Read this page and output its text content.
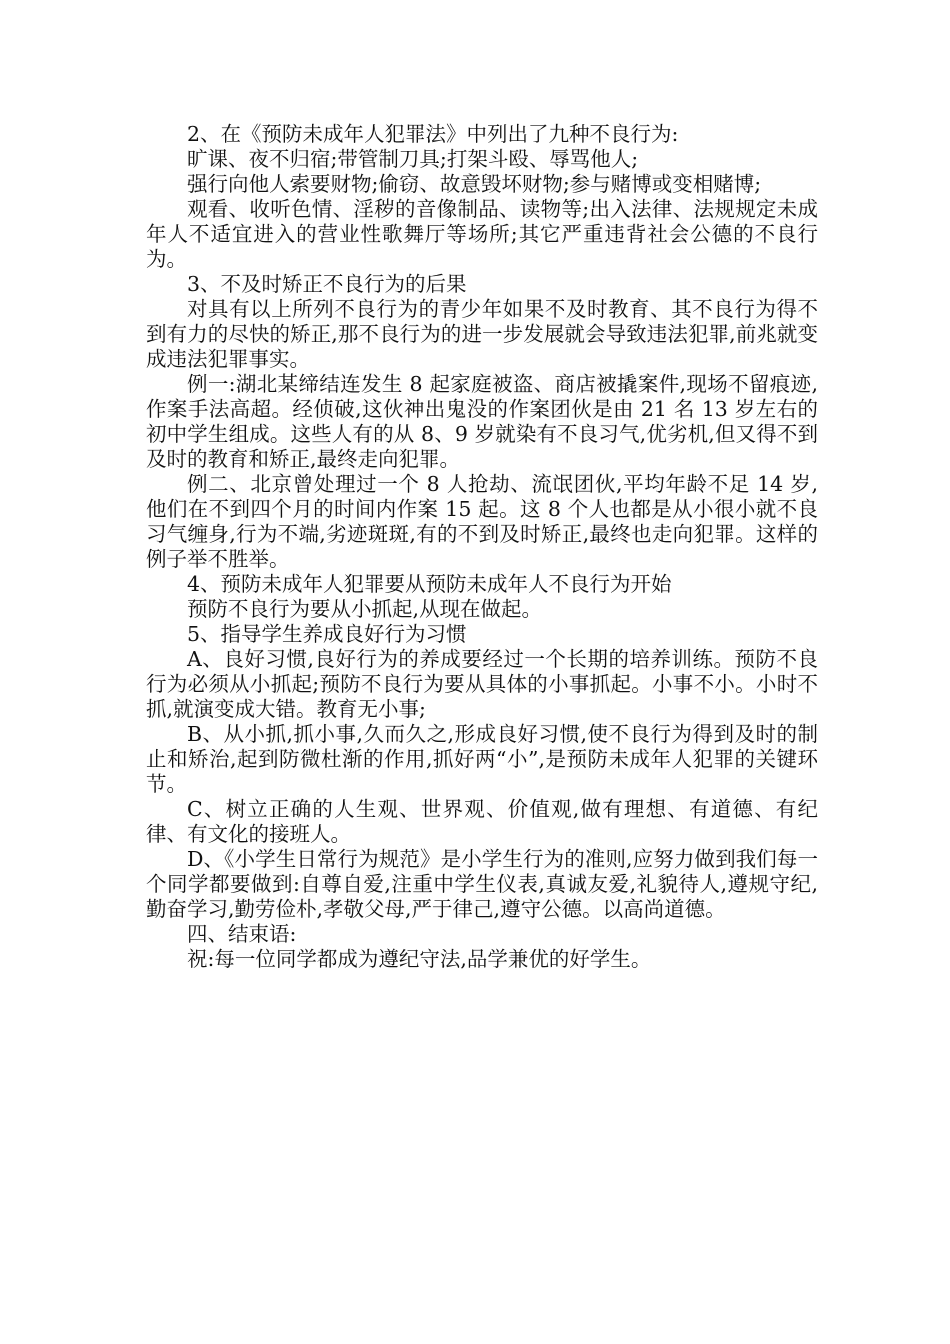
2、在《预防未成年人犯罪法》中列出了九种不良行为:

旷课、夜不归宿;带管制刀具;打架斗殴、辱骂他人;

强行向他人索要财物;偷窃、故意毁坏财物;参与赌博或变相赌博;

观看、收听色情、淫秽的音像制品、读物等;出入法律、法规规定未成年人不适宜进入的营业性歌舞厅等场所;其它严重违背社会公德的不良行为。

3、不及时矫正不良行为的后果

对具有以上所列不良行为的青少年如果不及时教育、其不良行为得不到有力的尽快的矫正,那不良行为的进一步发展就会导致违法犯罪,前兆就变成违法犯罪事实。

例一:湖北某缔结连发生 8 起家庭被盗、商店被撬案件,现场不留痕迹,作案手法高超。经侦破,这伙神出鬼没的作案团伙是由 21 名 13 岁左右的初中学生组成。这些人有的从 8、9 岁就染有不良习气,优劣机,但又得不到及时的教育和矫正,最终走向犯罪。

例二、北京曾处理过一个 8 人抢劫、流氓团伙,平均年龄不足 14 岁,他们在不到四个月的时间内作案 15 起。这 8 个人也都是从小很小就不良习气缠身,行为不端,劣迹斑斑,有的不到及时矫正,最终也走向犯罪。这样的例子举不胜举。

4、预防未成年人犯罪要从预防未成年人不良行为开始

预防不良行为要从小抓起,从现在做起。

5、指导学生养成良好行为习惯

A、良好习惯,良好行为的养成要经过一个长期的培养训练。预防不良行为必须从小抓起;预防不良行为要从具体的小事抓起。小事不小。小时不抓,就演变成大错。教育无小事;

B、从小抓,抓小事,久而久之,形成良好习惯,使不良行为得到及时的制止和矫治,起到防微杜渐的作用,抓好两“小”,是预防未成年人犯罪的关键环节。

C、树立正确的人生观、世界观、价值观,做有理想、有道德、有纪律、有文化的接班人。

D、《小学生日常行为规范》是小学生行为的准则,应努力做到我们每一个同学都要做到:自尊自爱,注重中学生仪表,真诚友爱,礼貌待人,遵规守纪,勤奋学习,勤劳俭朴,孝敬父母,严于律己,遵守公德。以高尚道德。

四、结束语:

祝:每一位同学都成为遵纪守法,品学兼优的好学生。
